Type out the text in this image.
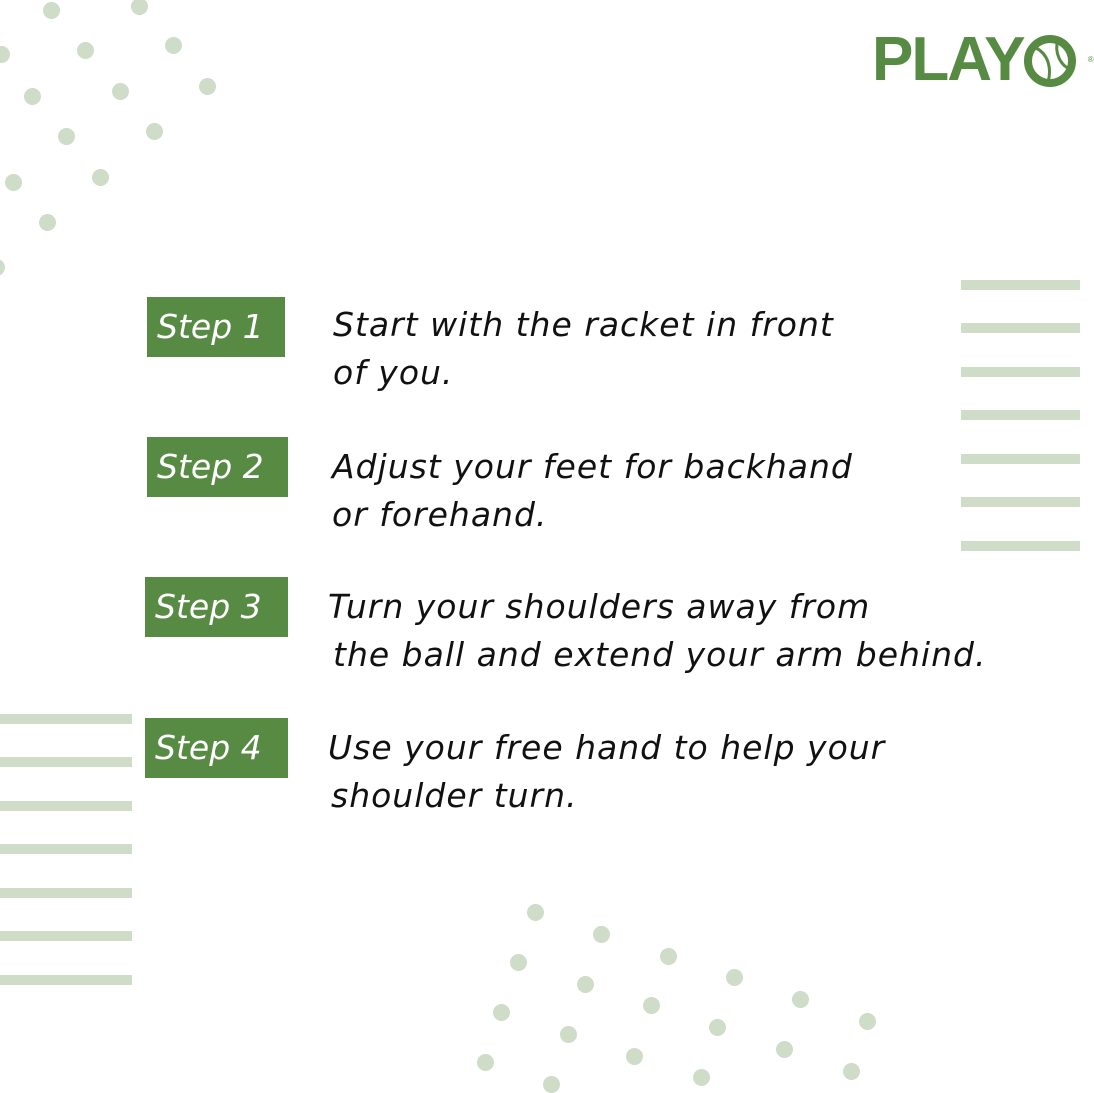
PLAY	®
Step 1	Start with the racket in front
of you.
Step 2	Adjust your feet for backhand
or forehand.
Step 3	Turn your shoulders away from
the ball and extend your arm behind.
Step 4	Use your free hand to help your
shoulder turn.
